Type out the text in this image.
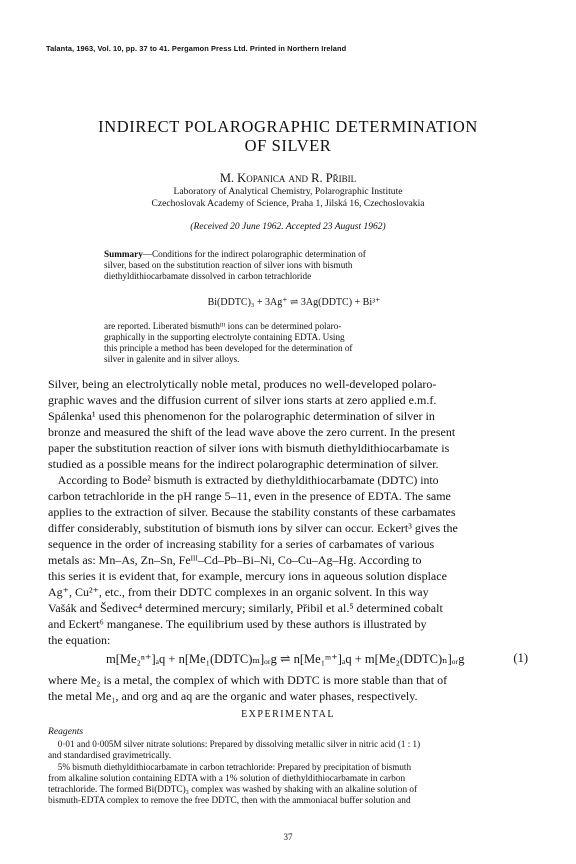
Talanta, 1963, Vol. 10, pp. 37 to 41. Pergamon Press Ltd. Printed in Northern Ireland
INDIRECT POLAROGRAPHIC DETERMINATION
OF SILVER
M. Kopanica and R. Přibil
Laboratory of Analytical Chemistry, Polarographic Institute
Czechoslovak Academy of Science, Praha 1, Jilská 16, Czechoslovakia
(Received 20 June 1962. Accepted 23 August 1962)
Summary—Conditions for the indirect polarographic determination of
silver, based on the substitution reaction of silver ions with bismuth
diethyldithiocarbamate dissolved in carbon tetrachloride
Bi(DDTC)₃ + 3Ag⁺ ⇌ 3Ag(DDTC) + Bi³⁺
are reported. Liberated bismuthᴵᴵᴵ ions can be determined polaro-
graphically in the supporting electrolyte containing EDTA. Using
this principle a method has been developed for the determination of
silver in galenite and in silver alloys.
Silver, being an electrolytically noble metal, produces no well-developed polaro-
graphic waves and the diffusion current of silver ions starts at zero applied e.m.f.
Spálenka¹ used this phenomenon for the polarographic determination of silver in
bronze and measured the shift of the lead wave above the zero current. In the present
paper the substitution reaction of silver ions with bismuth diethyldithiocarbamate is
studied as a possible means for the indirect polarographic determination of silver.
According to Bode² bismuth is extracted by diethyldithiocarbamate (DDTC) into
carbon tetrachloride in the pH range 5–11, even in the presence of EDTA. The same
applies to the extraction of silver. Because the stability constants of these carbamates
differ considerably, substitution of bismuth ions by silver can occur. Eckert³ gives the
sequence in the order of increasing stability for a series of carbamates of various
metals as: Mn–As, Zn–Sn, Feᴵᴵᴵ–Cd–Pb–Bi–Ni, Co–Cu–Ag–Hg. According to
this series it is evident that, for example, mercury ions in aqueous solution displace
Ag⁺, Cu²⁺, etc., from their DDTC complexes in an organic solvent. In this way
Vašák and Šedivec⁴ determined mercury; similarly, Přibil et al.⁵ determined cobalt
and Eckert⁶ manganese. The equilibrium used by these authors is illustrated by
the equation:
m[Me₂ⁿ⁺]ₐq + n[Me₁(DDTC)ₘ]ₒᵣg ⇌ n[Me₁ᵐ⁺]ₐq + m[Me₂(DDTC)ₙ]ₒᵣg	(1)
where Me₂ is a metal, the complex of which with DDTC is more stable than that of
the metal Me₁, and org and aq are the organic and water phases, respectively.
EXPERIMENTAL
Reagents
0·01 and 0·005M silver nitrate solutions: Prepared by dissolving metallic silver in nitric acid (1 : 1)
and standardised gravimetrically.
5% bismuth diethyldithiocarbamate in carbon tetrachloride: Prepared by precipitation of bismuth
from alkaline solution containing EDTA with a 1% solution of diethyldithiocarbamate in carbon
tetrachloride. The formed Bi(DDTC)₃ complex was washed by shaking with an alkaline solution of
bismuth-EDTA complex to remove the free DDTC, then with the ammoniacal buffer solution and
37
